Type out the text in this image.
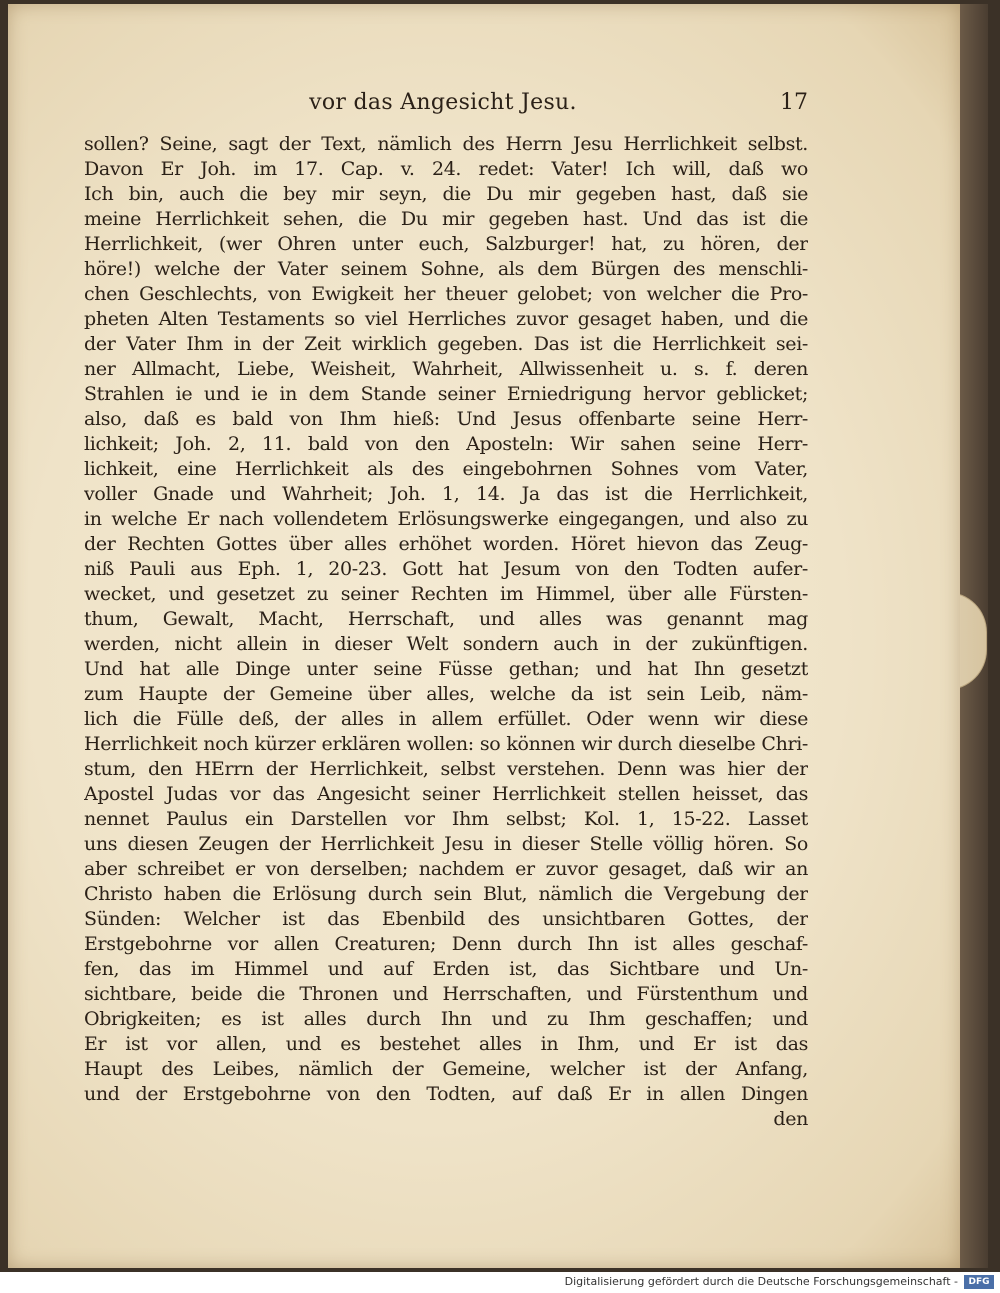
vor das Angesicht Jesu.	17
sollen? Seine, sagt der Text, nämlich des Herrn Jesu Herrlichkeit selbst.
Davon Er Joh. im 17. Cap. v. 24. redet: Vater! Ich will, daß wo
Ich bin, auch die bey mir seyn, die Du mir gegeben hast, daß sie
meine Herrlichkeit sehen, die Du mir gegeben hast. Und das ist die
Herrlichkeit, (wer Ohren unter euch, Salzburger! hat, zu hören, der
höre!) welche der Vater seinem Sohne, als dem Bürgen des menschli-
chen Geschlechts, von Ewigkeit her theuer gelobet; von welcher die Pro-
pheten Alten Testaments so viel Herrliches zuvor gesaget haben, und die
der Vater Ihm in der Zeit wirklich gegeben. Das ist die Herrlichkeit sei-
ner Allmacht, Liebe, Weisheit, Wahrheit, Allwissenheit u. s. f. deren
Strahlen ie und ie in dem Stande seiner Erniedrigung hervor geblicket;
also, daß es bald von Ihm hieß: Und Jesus offenbarte seine Herr-
lichkeit; Joh. 2, 11. bald von den Aposteln: Wir sahen seine Herr-
lichkeit, eine Herrlichkeit als des eingebohrnen Sohnes vom Vater,
voller Gnade und Wahrheit; Joh. 1, 14. Ja das ist die Herrlichkeit,
in welche Er nach vollendetem Erlösungswerke eingegangen, und also zu
der Rechten Gottes über alles erhöhet worden. Höret hievon das Zeug-
niß Pauli aus Eph. 1, 20-23. Gott hat Jesum von den Todten aufer-
wecket, und gesetzet zu seiner Rechten im Himmel, über alle Fürsten-
thum, Gewalt, Macht, Herrschaft, und alles was genannt mag
werden, nicht allein in dieser Welt sondern auch in der zukünftigen.
Und hat alle Dinge unter seine Füsse gethan; und hat Ihn gesetzt
zum Haupte der Gemeine über alles, welche da ist sein Leib, näm-
lich die Fülle deß, der alles in allem erfüllet. Oder wenn wir diese
Herrlichkeit noch kürzer erklären wollen: so können wir durch dieselbe Chri-
stum, den HErrn der Herrlichkeit, selbst verstehen. Denn was hier der
Apostel Judas vor das Angesicht seiner Herrlichkeit stellen heisset, das
nennet Paulus ein Darstellen vor Ihm selbst; Kol. 1, 15-22. Lasset
uns diesen Zeugen der Herrlichkeit Jesu in dieser Stelle völlig hören. So
aber schreibet er von derselben; nachdem er zuvor gesaget, daß wir an
Christo haben die Erlösung durch sein Blut, nämlich die Vergebung der
Sünden: Welcher ist das Ebenbild des unsichtbaren Gottes, der
Erstgebohrne vor allen Creaturen; Denn durch Ihn ist alles geschaf-
fen, das im Himmel und auf Erden ist, das Sichtbare und Un-
sichtbare, beide die Thronen und Herrschaften, und Fürstenthum und
Obrigkeiten; es ist alles durch Ihn und zu Ihm geschaffen; und
Er ist vor allen, und es bestehet alles in Ihm, und Er ist das
Haupt des Leibes, nämlich der Gemeine, welcher ist der Anfang,
und der Erstgebohrne von den Todten, auf daß Er in allen Dingen
den
Digitalisierung gefördert durch die Deutsche Forschungsgemeinschaft -	DFG
